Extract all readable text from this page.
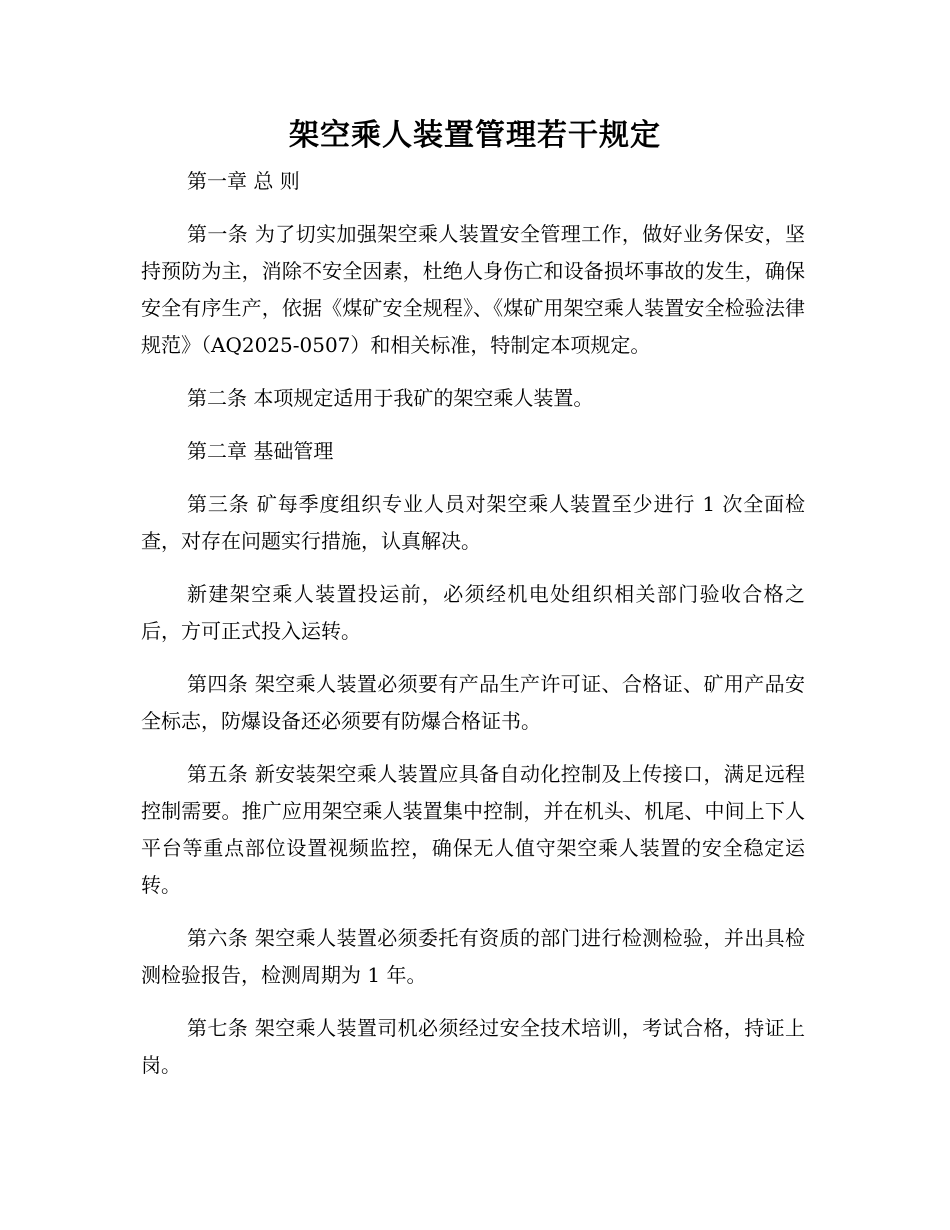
架空乘人装置管理若干规定

第一章 总 则

第一条 为了切实加强架空乘人装置安全管理工作，做好业务保安，坚持预防为主，消除不安全因素，杜绝人身伤亡和设备损坏事故的发生，确保安全有序生产，依据《煤矿安全规程》、《煤矿用架空乘人装置安全检验法律规范》（AQ2025-0507）和相关标准，特制定本项规定。

第二条 本项规定适用于我矿的架空乘人装置。

第二章 基础管理

第三条 矿每季度组织专业人员对架空乘人装置至少进行 1 次全面检查，对存在问题实行措施，认真解决。

新建架空乘人装置投运前，必须经机电处组织相关部门验收合格之后，方可正式投入运转。

第四条 架空乘人装置必须要有产品生产许可证、合格证、矿用产品安全标志，防爆设备还必须要有防爆合格证书。

第五条 新安装架空乘人装置应具备自动化控制及上传接口，满足远程控制需要。推广应用架空乘人装置集中控制，并在机头、机尾、中间上下人平台等重点部位设置视频监控，确保无人值守架空乘人装置的安全稳定运转。

第六条 架空乘人装置必须委托有资质的部门进行检测检验，并出具检测检验报告，检测周期为 1 年。

第七条 架空乘人装置司机必须经过安全技术培训，考试合格，持证上岗。
